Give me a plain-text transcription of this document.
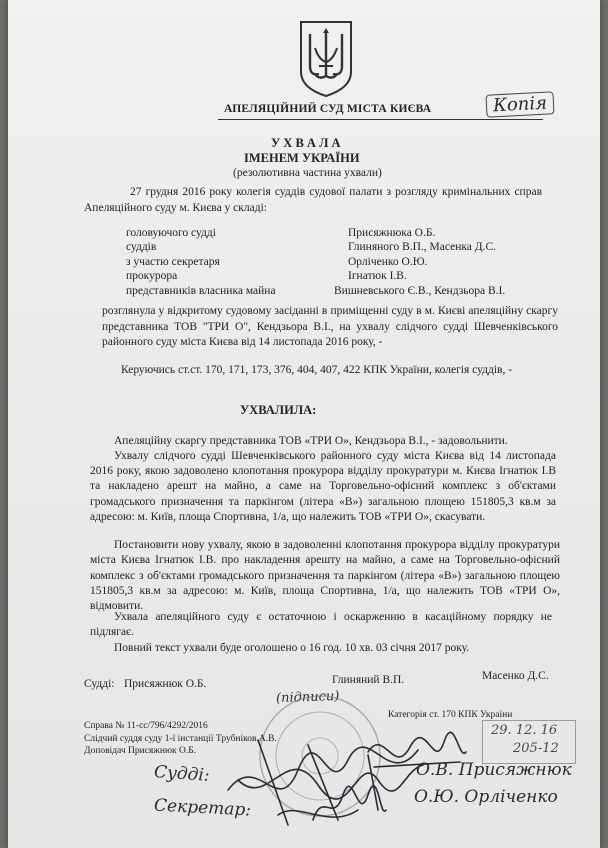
АПЕЛЯЦІЙНИЙ СУД МІСТА КИЄВА	Копія
У Х В А Л А
ІМЕНЕМ УКРАЇНИ
(резолютивна частина ухвали)
27 грудня 2016 року колегія суддів судової палати з розгляду кримінальних справ Апеляційного суду м. Києва у складі:
головуючого судді	Присяжнюка О.Б.
суддів	Глиняного В.П., Масенка Д.С.
з участю секретаря	Орліченко О.Ю.
прокурора	Ігнатюк І.В.
представників власника майна	Вишневського Є.В., Кендзьора В.І.
розглянула у відкритому судовому засіданні в приміщенні суду в м. Києві апеляційну скаргу представника ТОВ "ТРИ О", Кендзьора В.І., на ухвалу слідчого судді Шевченківського районного суду міста Києва від 14 листопада 2016 року, -
Керуючись ст.ст. 170, 171, 173, 376, 404, 407, 422 КПК України, колегія суддів, -
УХВАЛИЛА:
Апеляційну скаргу представника ТОВ «ТРИ О», Кендзьора В.І., - задовольнити.
Ухвалу слідчого судді Шевченківського районного суду міста Києва від 14 листопада 2016 року, якою задоволено клопотання прокурора відділу прокуратури м. Києва Ігнатюк І.В та накладено арешт на майно, а саме на Торговельно-офісний комплекс з об'єктами громадського призначення та паркінгом (літера «В») загальною площею 151805,3 кв.м за адресою: м. Київ, площа Спортивна, 1/а, що належить ТОВ «ТРИ О», скасувати.
Постановити нову ухвалу, якою в задоволенні клопотання прокурора відділу прокуратури міста Києва Ігнатюк І.В. про накладення арешту на майно, а саме на Торговельно-офісний комплекс з об'єктами громадського призначення та паркінгом (літера «В») загальною площею 151805,3 кв.м за адресою: м. Київ, площа Спортивна, 1/а, що належить ТОВ «ТРИ О», відмовити.
Ухвала апеляційного суду є остаточною і оскарженню в касаційному порядку не підлягає.
Повний текст ухвали буде оголошено о 16 год. 10 хв. 03 січня 2017 року.
Судді: Присяжнюк О.Б.	Глиняний В.П.	Масенко Д.С.
(підписи)
Справа № 11-сс/796/4292/2016
Слідчий суддя суду 1-ї інстанції Трубніков А.В.
Доповідач Присяжнюк О.Б.
Категорія ст. 170 КПК України
29. 12. 16
205-12
Судді:	О.В. Присяжнюк
Секретар:	О.Ю. Орліченко
